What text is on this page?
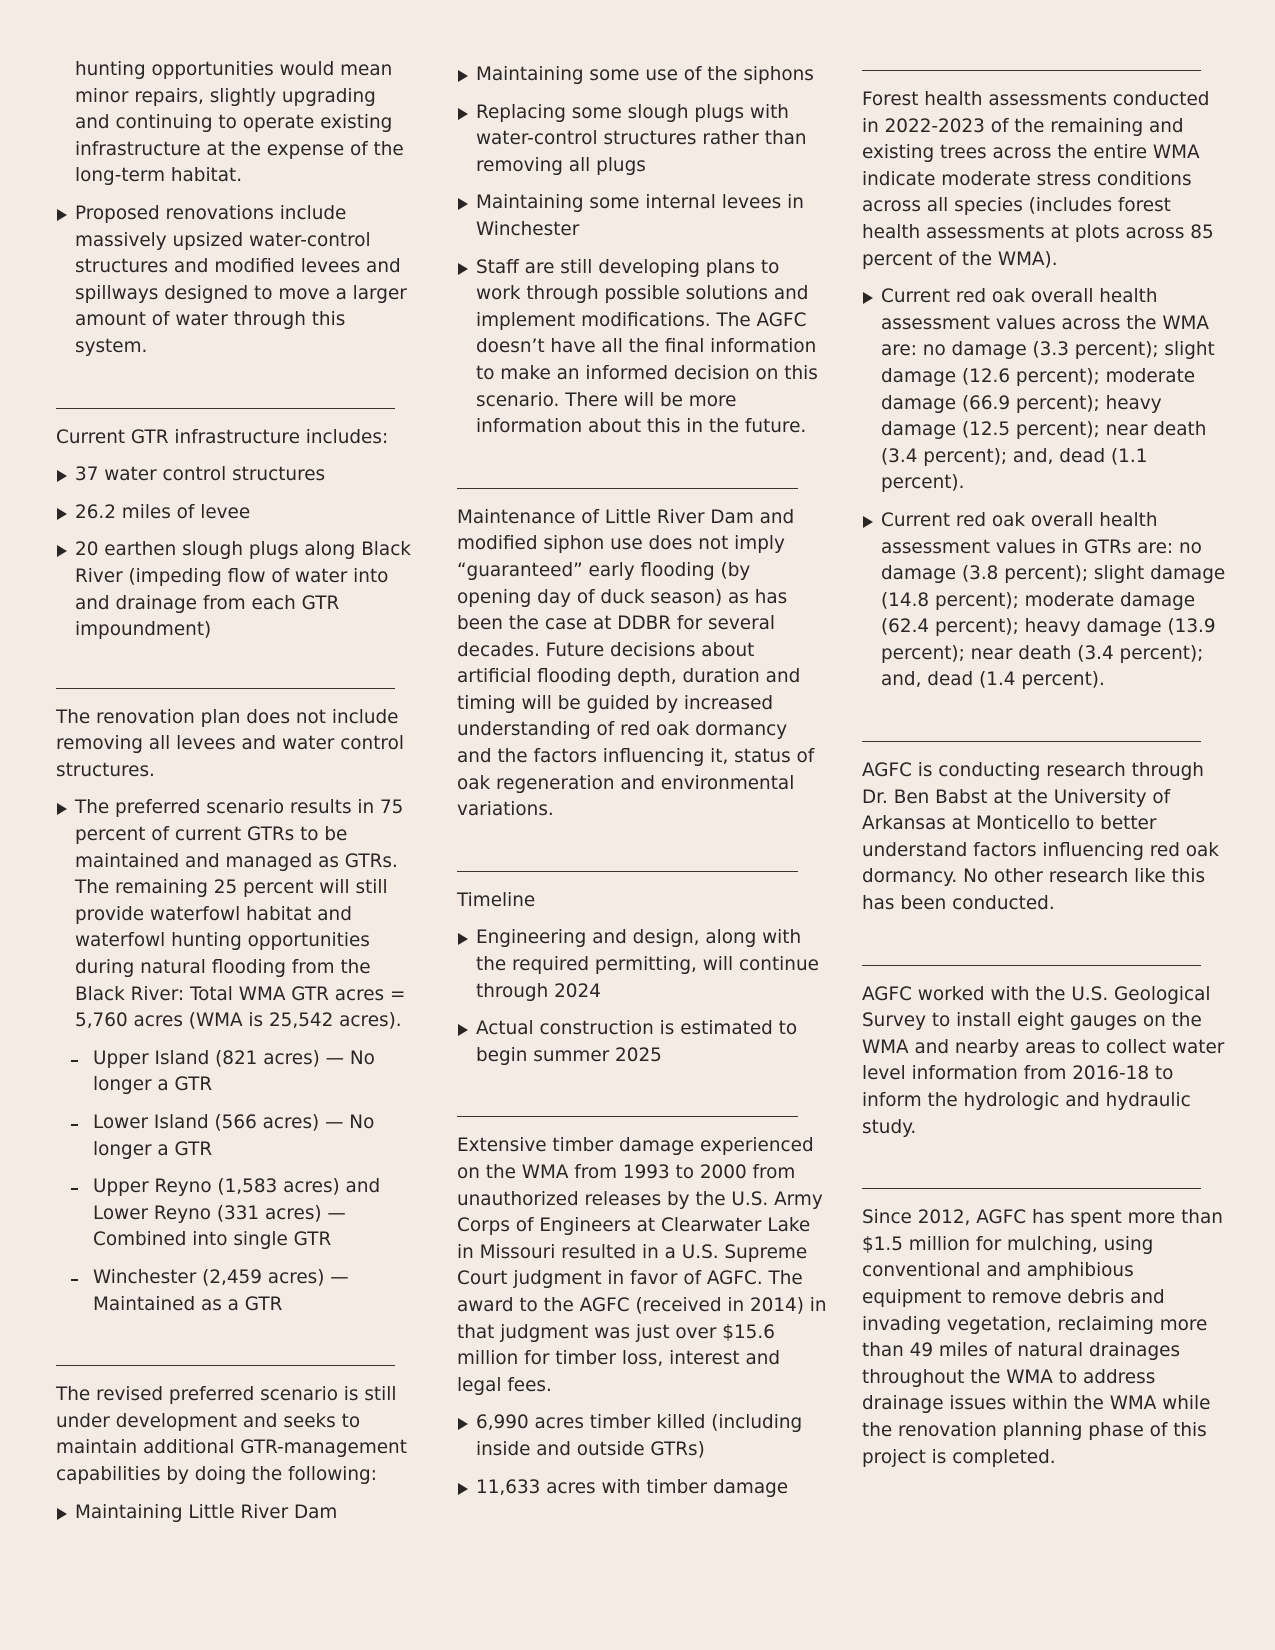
hunting opportunities would mean minor repairs, slightly upgrading and continuing to operate existing infrastructure at the expense of the long-term habitat.

Proposed renovations include massively upsized water-control structures and modified levees and spillways designed to move a larger amount of water through this system.

Current GTR infrastructure includes:

37 water control structures
26.2 miles of levee
20 earthen slough plugs along Black River (impeding flow of water into and drainage from each GTR impoundment)

The renovation plan does not include removing all levees and water control structures.

The preferred scenario results in 75 percent of current GTRs to be maintained and managed as GTRs. The remaining 25 percent will still provide waterfowl habitat and waterfowl hunting opportunities during natural flooding from the Black River: Total WMA GTR acres = 5,760 acres (WMA is 25,542 acres).
Upper Island (821 acres) — No longer a GTR
Lower Island (566 acres) — No longer a GTR
Upper Reyno (1,583 acres) and Lower Reyno (331 acres) — Combined into single GTR
Winchester (2,459 acres) — Maintained as a GTR

The revised preferred scenario is still under development and seeks to maintain additional GTR-management capabilities by doing the following:

Maintaining Little River Dam
Maintaining some use of the siphons
Replacing some slough plugs with water-control structures rather than removing all plugs
Maintaining some internal levees in Winchester
Staff are still developing plans to work through possible solutions and implement modifications. The AGFC doesn’t have all the final information to make an informed decision on this scenario. There will be more information about this in the future.

Maintenance of Little River Dam and modified siphon use does not imply “guaranteed” early flooding (by opening day of duck season) as has been the case at DDBR for several decades. Future decisions about artificial flooding depth, duration and timing will be guided by increased understanding of red oak dormancy and the factors influencing it, status of oak regeneration and environmental variations.

Timeline

Engineering and design, along with the required permitting, will continue through 2024
Actual construction is estimated to begin summer 2025

Extensive timber damage experienced on the WMA from 1993 to 2000 from unauthorized releases by the U.S. Army Corps of Engineers at Clearwater Lake in Missouri resulted in a U.S. Supreme Court judgment in favor of AGFC. The award to the AGFC (received in 2014) in that judgment was just over $15.6 million for timber loss, interest and legal fees.

6,990 acres timber killed (including inside and outside GTRs)
11,633 acres with timber damage

Forest health assessments conducted in 2022-2023 of the remaining and existing trees across the entire WMA indicate moderate stress conditions across all species (includes forest health assessments at plots across 85 percent of the WMA).

Current red oak overall health assessment values across the WMA are: no damage (3.3 percent); slight damage (12.6 percent); moderate damage (66.9 percent); heavy damage (12.5 percent); near death (3.4 percent); and, dead (1.1 percent).
Current red oak overall health assessment values in GTRs are: no damage (3.8 percent); slight damage (14.8 percent); moderate damage (62.4 percent); heavy damage (13.9 percent); near death (3.4 percent); and, dead (1.4 percent).

AGFC is conducting research through Dr. Ben Babst at the University of Arkansas at Monticello to better understand factors influencing red oak dormancy. No other research like this has been conducted.

AGFC worked with the U.S. Geological Survey to install eight gauges on the WMA and nearby areas to collect water level information from 2016-18 to inform the hydrologic and hydraulic study.

Since 2012, AGFC has spent more than $1.5 million for mulching, using conventional and amphibious equipment to remove debris and invading vegetation, reclaiming more than 49 miles of natural drainages throughout the WMA to address drainage issues within the WMA while the renovation planning phase of this project is completed.
